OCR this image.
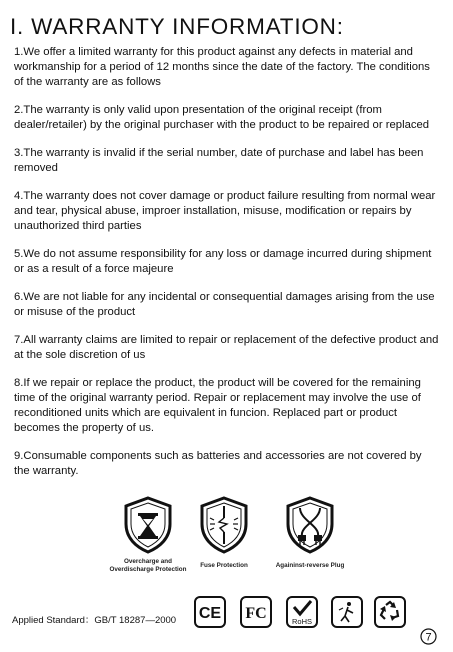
I. WARRANTY INFORMATION:

1.We offer a limited warranty for this product against any defects in material and workmanship for a period of 12 months since the date of the factory. The conditions of the warranty are as follows

2.The warranty is only valid upon presentation of the original receipt (from dealer/retailer) by the original purchaser with the product to be repaired or replaced

3.The warranty is invalid if the serial number, date of purchase and label has been removed

4.The warranty does not cover damage or product failure resulting from normal wear and tear, physical abuse, improer installation, misuse, modification or repairs by unauthorized third parties

5.We do not assume responsibility for any loss or damage incurred during shipment or as a result of a force majeure

6.We are not liable for any incidental or consequential damages arising from the use or misuse of the product

7.All warranty claims are limited to repair or replacement of the defective product and at the sole discretion of us

8.If we repair or replace the product, the product will be covered for the remaining time of the original warranty period. Repair or replacement may involve the use of reconditioned units which are equivalent in funcion. Replaced part or product becomes the property of us.

9.Consumable components such as batteries and accessories are not covered by the warranty.

Overcharge and
Overdischarge Protection
Fuse Protection	Againinst-reverse Plug
Applied Standard：GB/T 18287—2000 CE FC	RoHS
7
